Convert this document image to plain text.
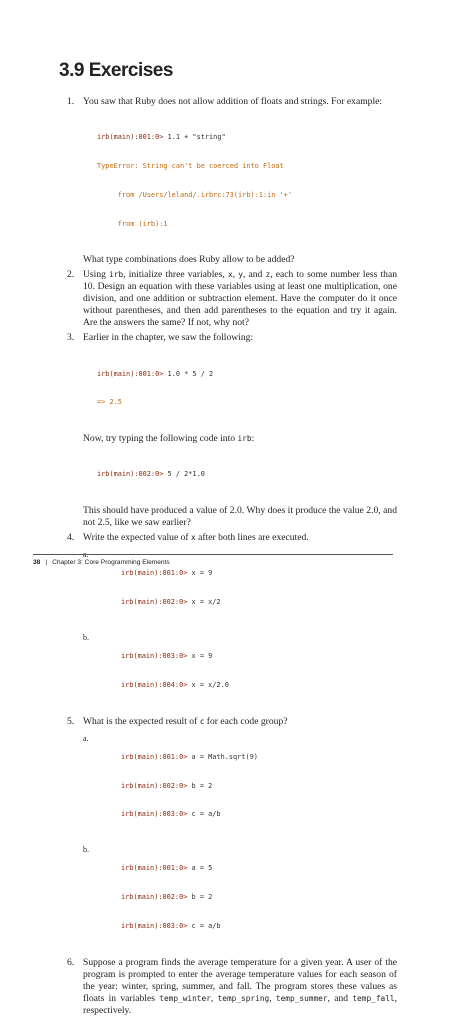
3.9 Exercises
1. You saw that Ruby does not allow addition of floats and strings. For example:

irb(main):001:0> 1.1 + "string"

TypeError: String can't be coerced into Float

from /Users/leland/.irbrc:73(irb):1:in '+'

from (irb):1

What type combinations does Ruby allow to be added?

2. Using irb, initialize three variables, x, y, and z, each to some number less than 10. Design an equation with these variables using at least one multiplication, one division, and one addition or subtraction element. Have the computer do it once without parentheses, and then add parentheses to the equation and try it again. Are the answers the same? If not, why not?

3. Earlier in the chapter, we saw the following:

irb(main):001:0> 1.0 * 5 / 2

=> 2.5

Now, try typing the following code into irb:

irb(main):002:0> 5 / 2*1.0

This should have produced a value of 2.0. Why does it produce the value 2.0, and not 2.5, like we saw earlier?

4. Write the expected value of x after both lines are executed.

a.

irb(main):001:0> x = 9

irb(main):002:0> x = x/2

b.

irb(main):003:0> x = 9

irb(main):004:0> x = x/2.0

5. What is the expected result of c for each code group?

a.

irb(main):001:0> a = Math.sqrt(9)

irb(main):002:0> b = 2

irb(main):003:0> c = a/b

b.

irb(main):001:0> a = 5

irb(main):002:0> b = 2

irb(main):003:0> c = a/b

6. Suppose a program finds the average temperature for a given year. A user of the program is prompted to enter the average temperature values for each season of the year: winter, spring, summer, and fall. The program stores these values as floats in variables temp_winter, temp_spring, temp_summer, and temp_fall, respectively.

38 | Chapter 3: Core Programming Elements
